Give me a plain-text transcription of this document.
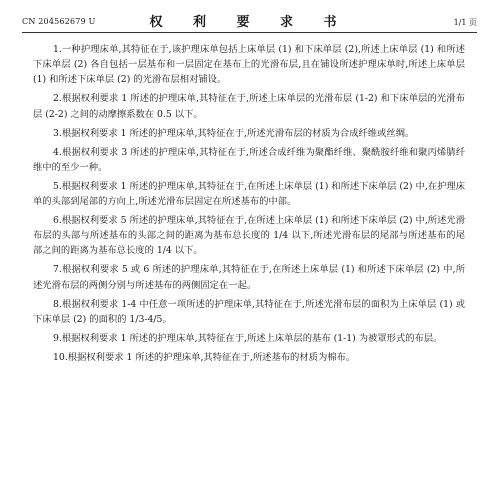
CN 204562679 U	权 利 要 求 书	1/1 页

1.一种护理床单,其特征在于,该护理床单包括上床单层 (1) 和下床单层 (2),所述上床单层 (1) 和所述下床单层 (2) 各自包括一层基布和一层固定在基布上的光滑布层,且在铺设所述护理床单时,所述上床单层 (1) 和所述下床单层 (2) 的光滑布层相对铺设。

2.根据权利要求 1 所述的护理床单,其特征在于,所述上床单层的光滑布层 (1-2) 和下床单层的光滑布层 (2-2) 之间的动摩擦系数在 0.5 以下。

3.根据权利要求 1 所述的护理床单,其特征在于,所述光滑布层的材质为合成纤维或丝绸。

4.根据权利要求 3 所述的护理床单,其特征在于,所述合成纤维为聚酯纤维、聚酰胺纤维和聚丙烯腈纤维中的至少一种。

5.根据权利要求 1 所述的护理床单,其特征在于,在所述上床单层 (1) 和所述下床单层 (2) 中,在护理床单的头部到尾部的方向上,所述光滑布层固定在所述基布的中部。

6.根据权利要求 5 所述的护理床单,其特征在于,在所述上床单层 (1) 和所述下床单层 (2) 中,所述光滑布层的头部与所述基布的头部之间的距离为基布总长度的 1/4 以下,所述光滑布层的尾部与所述基布的尾部之间的距离为基布总长度的 1/4 以下。

7.根据权利要求 5 或 6 所述的护理床单,其特征在于,在所述上床单层 (1) 和所述下床单层 (2) 中,所述光滑布层的两侧分别与所述基布的两侧固定在一起。

8.根据权利要求 1-4 中任意一项所述的护理床单,其特征在于,所述光滑布层的面积为上床单层 (1) 或下床单层 (2) 的面积的 1/3-4/5。

9.根据权利要求 1 所述的护理床单,其特征在于,所述上床单层的基布 (1-1) 为被罩形式的布层。

10.根据权利要求 1 所述的护理床单,其特征在于,所述基布的材质为棉布。
